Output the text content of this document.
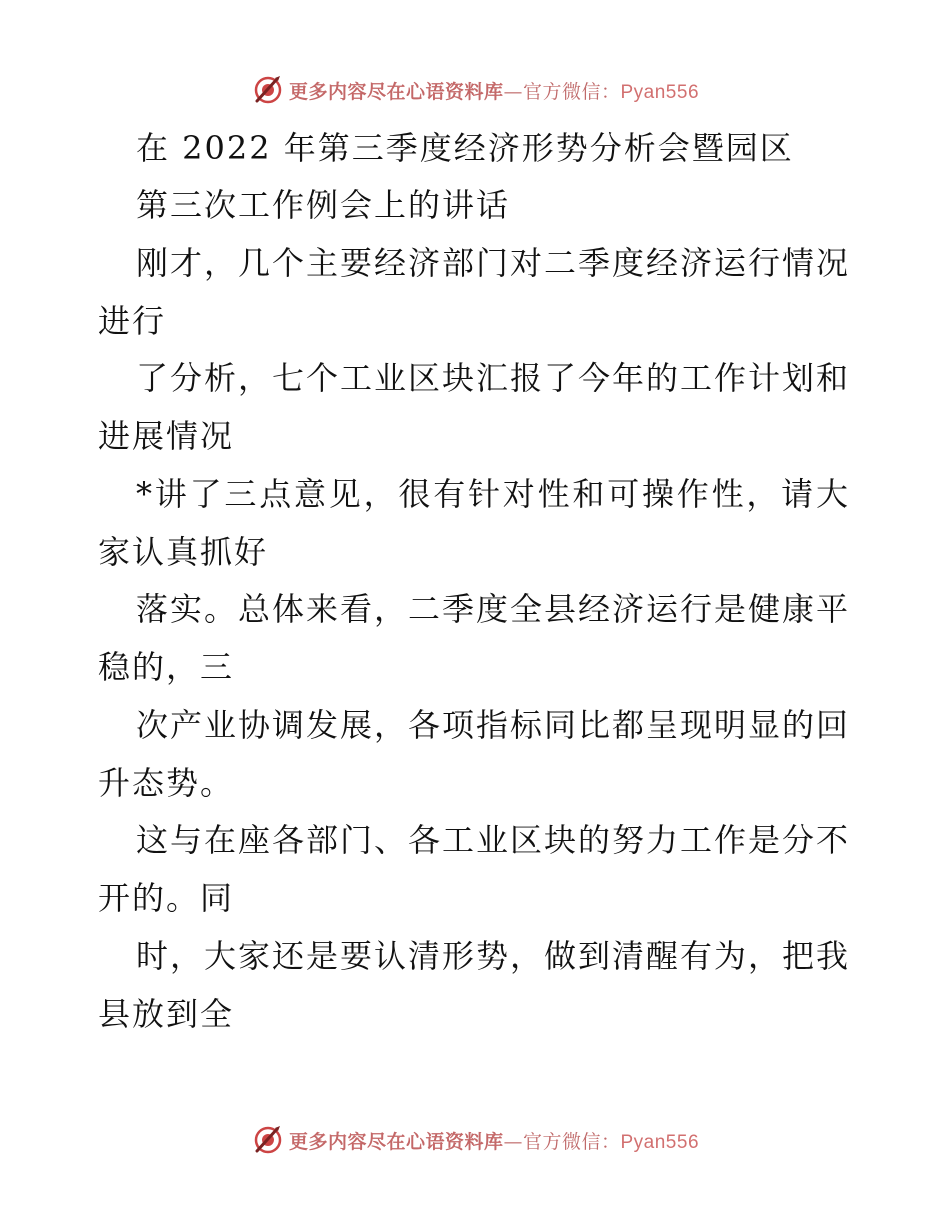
更多内容尽在心语资料库—官方微信：Pyan556
在 2022 年第三季度经济形势分析会暨园区
第三次工作例会上的讲话
刚才，几个主要经济部门对二季度经济运行情况
进行
了分析，七个工业区块汇报了今年的工作计划和
进展情况
*讲了三点意见，很有针对性和可操作性，请大
家认真抓好
落实。总体来看，二季度全县经济运行是健康平
稳的，三
次产业协调发展，各项指标同比都呈现明显的回
升态势。
这与在座各部门、各工业区块的努力工作是分不
开的。同
时，大家还是要认清形势，做到清醒有为，把我
县放到全
更多内容尽在心语资料库—官方微信：Pyan556
